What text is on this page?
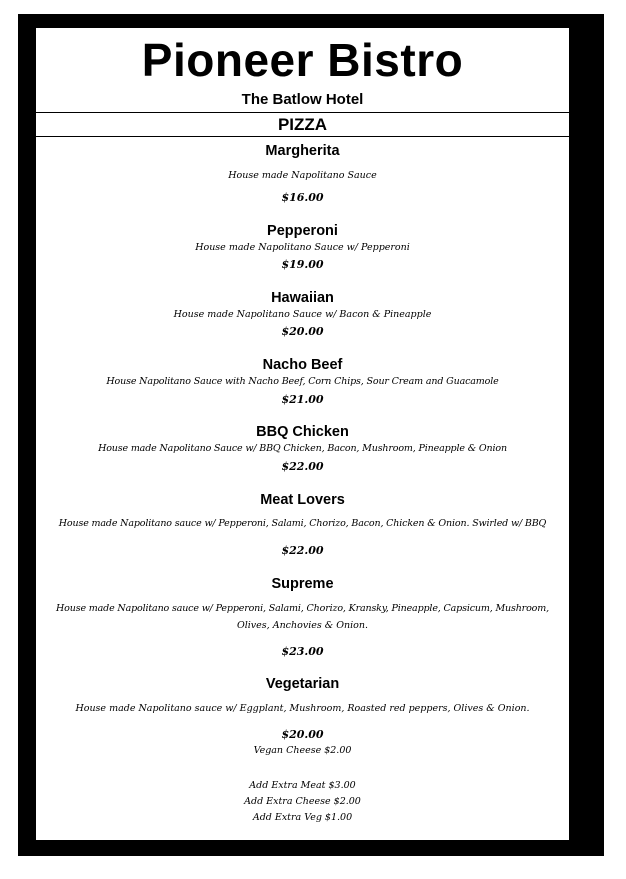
Pioneer Bistro
The Batlow Hotel
PIZZA
Margherita
House made Napolitano Sauce
$16.00
Pepperoni
House made Napolitano Sauce w/ Pepperoni
$19.00
Hawaiian
House made Napolitano Sauce w/ Bacon & Pineapple
$20.00
Nacho Beef
House Napolitano Sauce with Nacho Beef, Corn Chips, Sour Cream and Guacamole
$21.00
BBQ Chicken
House made Napolitano Sauce w/ BBQ Chicken, Bacon, Mushroom, Pineapple & Onion
$22.00
Meat Lovers
House made Napolitano sauce w/ Pepperoni, Salami, Chorizo, Bacon, Chicken & Onion. Swirled w/ BBQ
$22.00
Supreme
House made Napolitano sauce w/ Pepperoni, Salami, Chorizo, Kransky, Pineapple, Capsicum, Mushroom,
Olives, Anchovies & Onion.
$23.00
Vegetarian
House made Napolitano sauce w/ Eggplant, Mushroom, Roasted red peppers, Olives & Onion.
$20.00
Vegan Cheese $2.00
Add Extra Meat $3.00
Add Extra Cheese $2.00
Add Extra Veg $1.00
